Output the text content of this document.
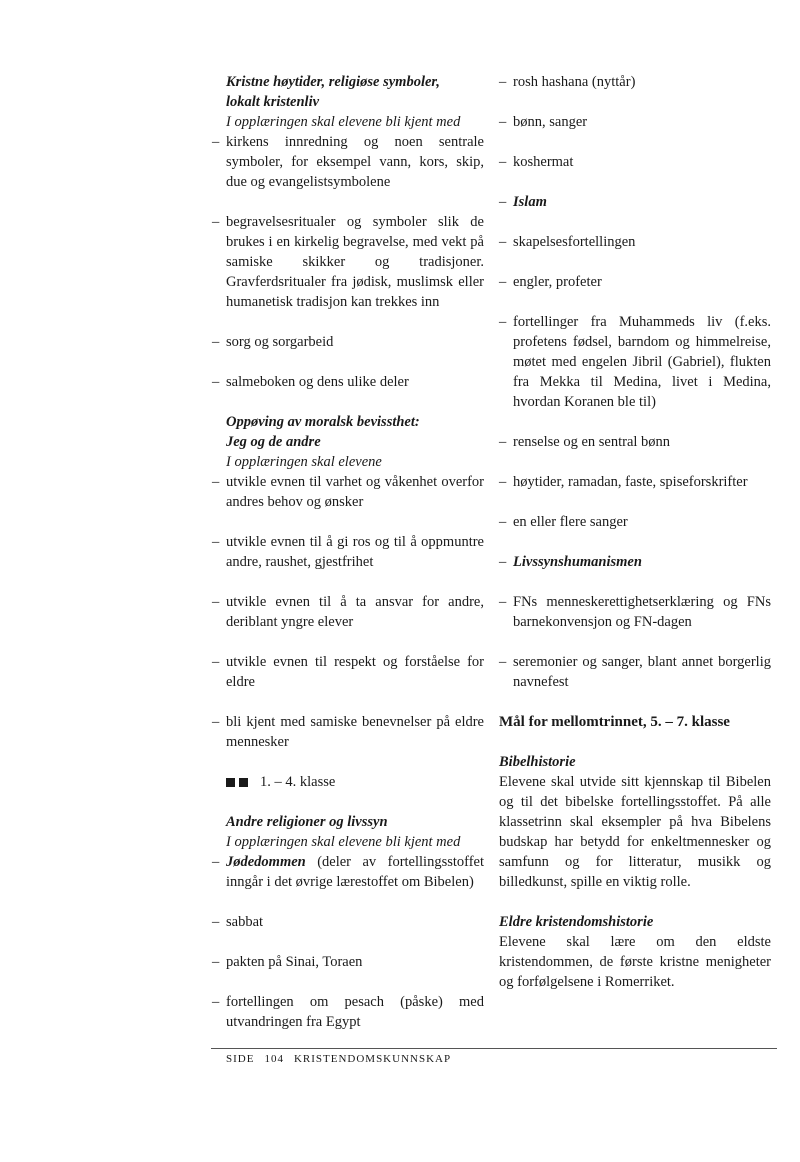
Kristne høytider, religiøse symboler,

lokalt kristenliv

I opplæringen skal elevene bli kjent med

– kirkens innredning og noen sentrale symboler, for eksempel vann, kors, skip, due og evangelistsymbolene
– begravelsesritualer og symboler slik de brukes i en kirkelig begravelse, med vekt på samiske skikker og tradisjoner. Gravferdsritualer fra jødisk, muslimsk eller humanetisk tradisjon kan trekkes inn
– sorg og sorgarbeid
– salmeboken og dens ulike deler

Oppøving av moralsk bevissthet:

Jeg og de andre

I opplæringen skal elevene

– utvikle evnen til varhet og våkenhet overfor andres behov og ønsker
– utvikle evnen til å gi ros og til å oppmuntre andre, raushet, gjestfrihet
– utvikle evnen til å ta ansvar for andre, deriblant yngre elever
– utvikle evnen til respekt og forståelse for eldre
– bli kjent med samiske benevnelser på eldre mennesker
1. – 4. klasse

Andre religioner og livssyn

I opplæringen skal elevene bli kjent med

– Jødedommen (deler av fortellingsstoffet inngår i det øvrige lærestoffet om Bibelen)
– sabbat
– pakten på Sinai, Toraen
– fortellingen om pesach (påske) med utvandringen fra Egypt
– rosh hashana (nyttår)
– bønn, sanger
– koshermat
– Islam
– skapelsesfortellingen
– engler, profeter
– fortellinger fra Muhammeds liv (f.eks. profetens fødsel, barndom og himmelreise, møtet med engelen Jibril (Gabriel), flukten fra Mekka til Medina, livet i Medina, hvordan Koranen ble til)
– renselse og en sentral bønn
– høytider, ramadan, faste, spiseforskrifter
– en eller flere sanger
– Livssynshumanismen
– FNs menneskerettighetserklæring og FNs barnekonvensjon og FN-dagen
– seremonier og sanger, blant annet borgerlig navnefest

Mål for mellomtrinnet, 5. – 7. klasse

Bibelhistorie

Elevene skal utvide sitt kjennskap til Bibelen og til det bibelske fortellingsstoffet. På alle klassetrinn skal eksempler på hva Bibelens budskap har betydd for enkeltmennesker og samfunn og for litteratur, musikk og billedkunst, spille en viktig rolle.

Eldre kristendomshistorie

Elevene skal lære om den eldste kristendommen, de første kristne menigheter og forfølgelsene i Romerriket.

SIDE 104 KRISTENDOMSKUNNSKAP
